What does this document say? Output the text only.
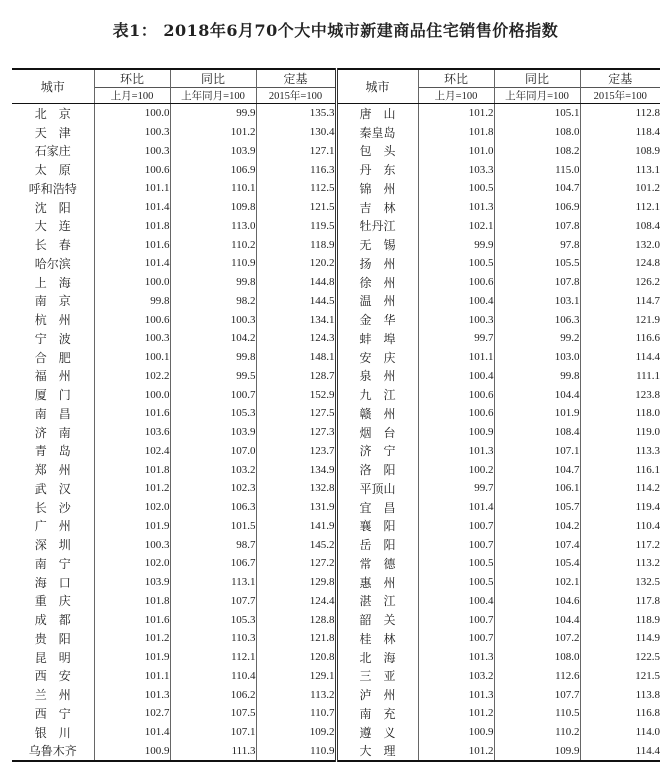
表1： 2018年6月70个大中城市新建商品住宅销售价格指数
城市	环比	同比	定基	城市	环比	同比	定基
	上月=100	上年同月=100	2015年=100		上月=100	上年同月=100	2015年=100
北　京	100.0	99.9	135.3	唐　山	101.2	105.1	112.8
天　津	100.3	101.2	130.4	秦皇岛	101.8	108.0	118.4
石家庄	100.3	103.9	127.1	包　头	101.0	108.2	108.9
太　原	100.6	106.9	116.3	丹　东	103.3	115.0	113.1
呼和浩特	101.1	110.1	112.5	锦　州	100.5	104.7	101.2
沈　阳	101.4	109.8	121.5	吉　林	101.3	106.9	112.1
大　连	101.8	113.0	119.5	牡丹江	102.1	107.8	108.4
长　春	101.6	110.2	118.9	无　锡	99.9	97.8	132.0
哈尔滨	101.4	110.9	120.2	扬　州	100.5	105.5	124.8
上　海	100.0	99.8	144.8	徐　州	100.6	107.8	126.2
南　京	99.8	98.2	144.5	温　州	100.4	103.1	114.7
杭　州	100.6	100.3	134.1	金　华	100.3	106.3	121.9
宁　波	100.3	104.2	124.3	蚌　埠	99.7	99.2	116.6
合　肥	100.1	99.8	148.1	安　庆	101.1	103.0	114.4
福　州	102.2	99.5	128.7	泉　州	100.4	99.8	111.1
厦　门	100.0	100.7	152.9	九　江	100.6	104.4	123.8
南　昌	101.6	105.3	127.5	赣　州	100.6	101.9	118.0
济　南	103.6	103.9	127.3	烟　台	100.9	108.4	119.0
青　岛	102.4	107.0	123.7	济　宁	101.3	107.1	113.3
郑　州	101.8	103.2	134.9	洛　阳	100.2	104.7	116.1
武　汉	101.2	102.3	132.8	平顶山	99.7	106.1	114.2
长　沙	102.0	106.3	131.9	宜　昌	101.4	105.7	119.4
广　州	101.9	101.5	141.9	襄　阳	100.7	104.2	110.4
深　圳	100.3	98.7	145.2	岳　阳	100.7	107.4	117.2
南　宁	102.0	106.7	127.2	常　德	100.5	105.4	113.2
海　口	103.9	113.1	129.8	惠　州	100.5	102.1	132.5
重　庆	101.8	107.7	124.4	湛　江	100.4	104.6	117.8
成　都	101.6	105.3	128.8	韶　关	100.7	104.4	118.9
贵　阳	101.2	110.3	121.8	桂　林	100.7	107.2	114.9
昆　明	101.9	112.1	120.8	北　海	101.3	108.0	122.5
西　安	101.1	110.4	129.1	三　亚	103.2	112.6	121.5
兰　州	101.3	106.2	113.2	泸　州	101.3	107.7	113.8
西　宁	102.7	107.5	110.7	南　充	101.2	110.5	116.8
银　川	101.4	107.1	109.2	遵　义	100.9	110.2	114.0
乌鲁木齐	100.9	111.3	110.9	大　理	101.2	109.9	114.4
